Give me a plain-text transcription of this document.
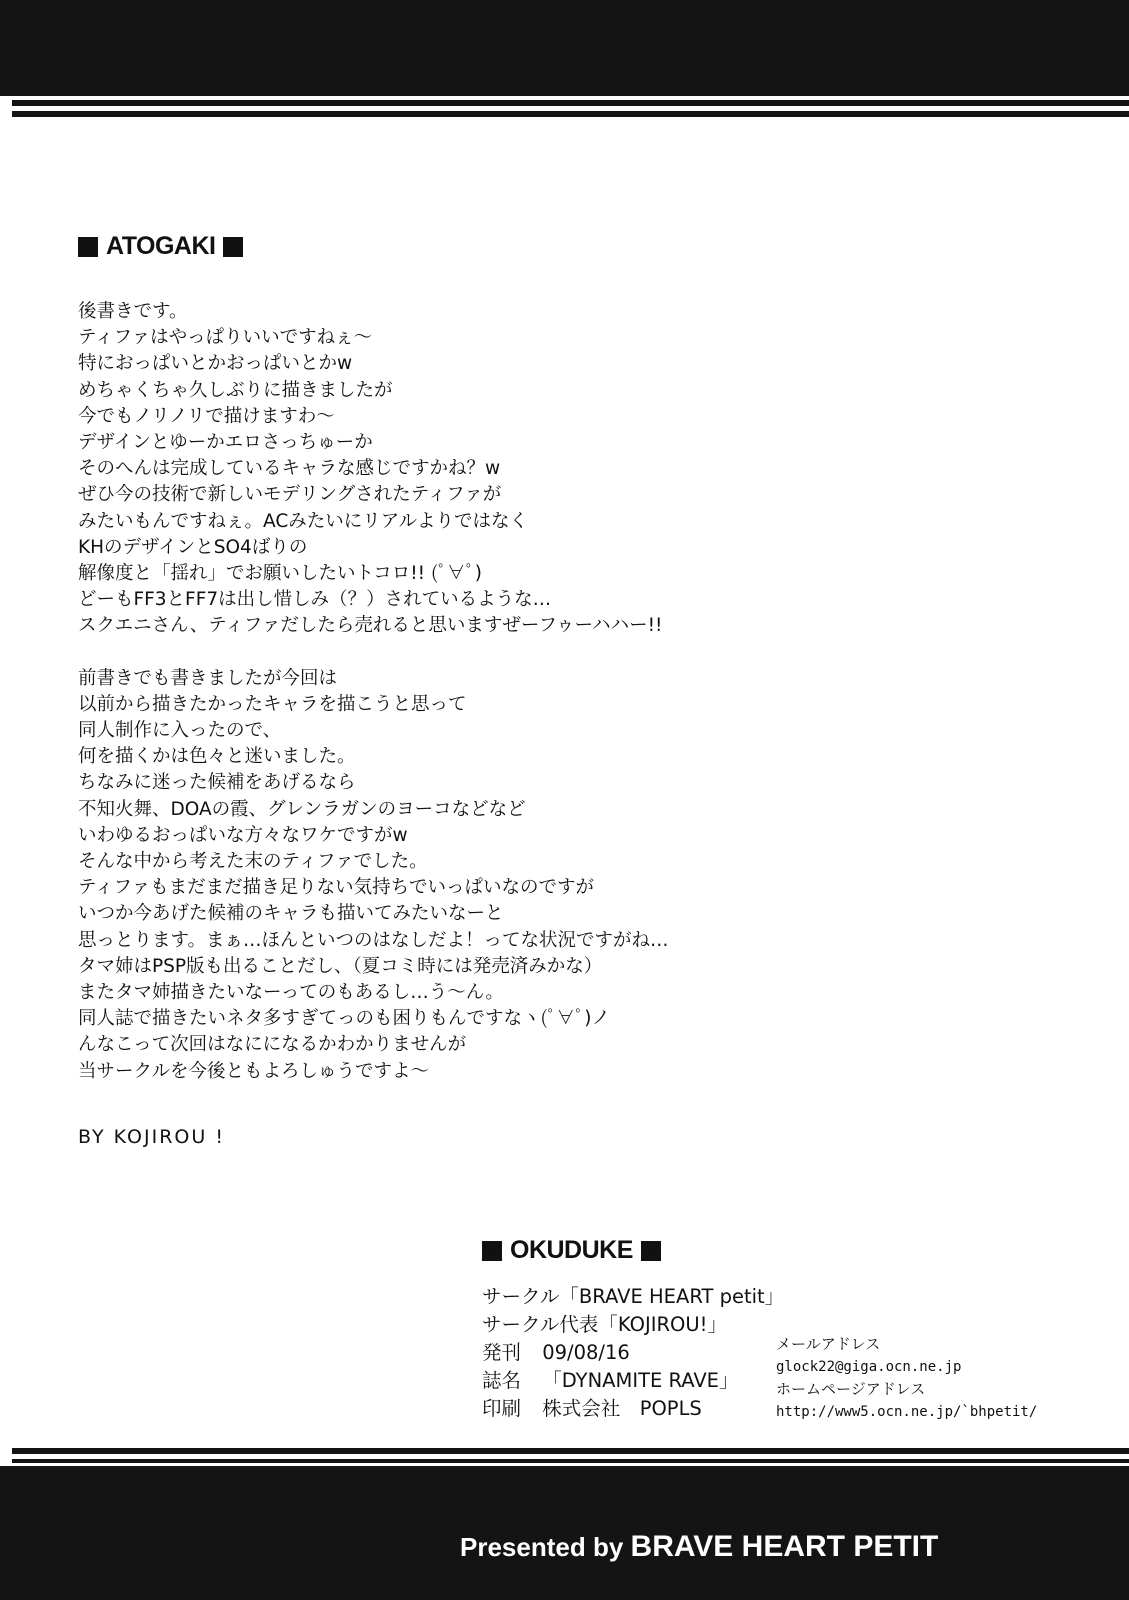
ATOGAKI
後書きです。
ティファはやっぱりいいですねぇ～
特におっぱいとかおっぱいとかw
めちゃくちゃ久しぶりに描きましたが
今でもノリノリで描けますわ～
デザインとゆーかエロさっちゅーか
そのへんは完成しているキャラな感じですかね？w
ぜひ今の技術で新しいモデリングされたティファが
みたいもんですねぇ。ACみたいにリアルよりではなく
KHのデザインとSO4ばりの
解像度と「揺れ」でお願いしたいトコロ!! (ﾟ∀ﾟ)
どーもFF3とFF7は出し惜しみ（？）されているような…
スクエニさん、ティファだしたら売れると思いますぜーフゥーハハー!!
前書きでも書きましたが今回は
以前から描きたかったキャラを描こうと思って
同人制作に入ったので、
何を描くかは色々と迷いました。
ちなみに迷った候補をあげるなら
不知火舞、DOAの霞、グレンラガンのヨーコなどなど
いわゆるおっぱいな方々なワケですがw
そんな中から考えた末のティファでした。
ティファもまだまだ描き足りない気持ちでいっぱいなのですが
いつか今あげた候補のキャラも描いてみたいなーと
思っとります。まぁ…ほんといつのはなしだよ！ってな状況ですがね…
タマ姉はPSP版も出ることだし、（夏コミ時には発売済みかな）
またタマ姉描きたいなーってのもあるし…う～ん。
同人誌で描きたいネタ多すぎてっのも困りもんですなヽ(ﾟ∀ﾟ)ノ
んなこって次回はなにになるかわかりませんが
当サークルを今後ともよろしゅうですよ～
BY KOJIROU !
OKUDUKE
サークル「BRAVE HEART petit」
サークル代表「KOJIROU!」
発刊 09/08/16
誌名 「DYNAMITE RAVE」
印刷 株式会社　POPLS
メールアドレス
glock22@giga.ocn.ne.jp
ホームページアドレス
http://www5.ocn.ne.jp/`bhpetit/
Presented by BRAVE HEART PETIT
